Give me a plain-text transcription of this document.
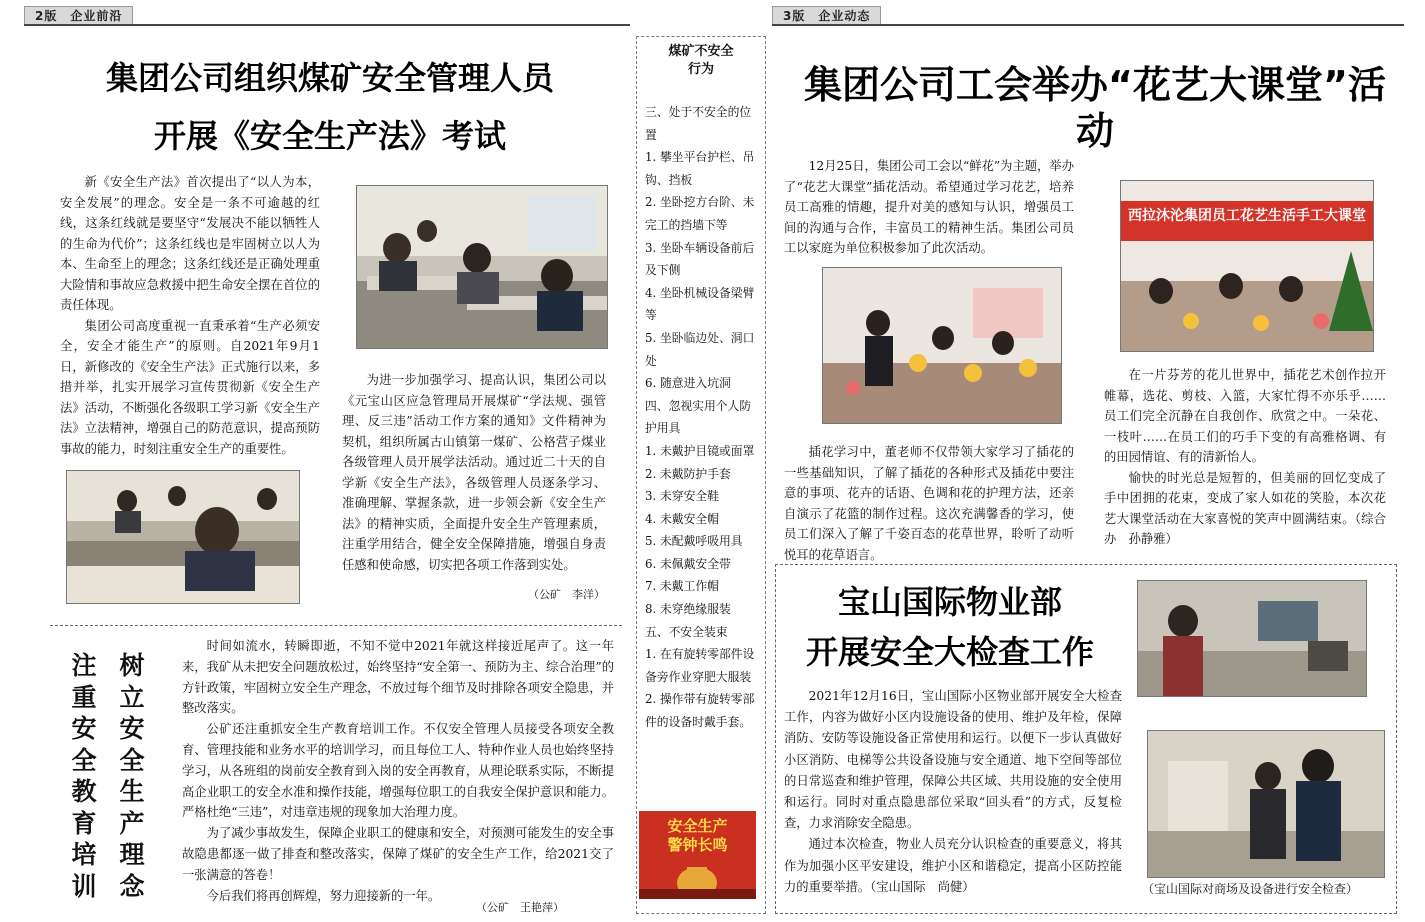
2版　企业前沿	3版　企业动态
集团公司组织煤矿安全管理人员
开展《安全生产法》考试

新《安全生产法》首次提出了“以人为本，安全发展”的理念。安全是一条不可逾越的红线，这条红线就是要坚守“发展决不能以牺牲人的生命为代价”；这条红线也是牢固树立以人为本、生命至上的理念；这条红线还是正确处理重大险情和事故应急救援中把生命安全摆在首位的责任体现。

集团公司高度重视一直秉承着“生产必须安全，安全才能生产”的原则。自2021年9月1日，新修改的《安全生产法》正式施行以来，多措并举，扎实开展学习宣传贯彻新《安全生产法》活动，不断强化各级职工学习新《安全生产法》立法精神，增强自己的防范意识，提高预防事故的能力，时刻注重安全生产的重要性。

为进一步加强学习、提高认识，集团公司以《元宝山区应急管理局开展煤矿“学法规、强管理、反三违”活动工作方案的通知》文件精神为契机，组织所属古山镇第一煤矿、公格营子煤业各级管理人员开展学法活动。通过近二十天的自学新《安全生产法》，各级管理人员逐条学习、准确理解、掌握条款，进一步领会新《安全生产法》的精神实质，全面提升安全生产管理素质，注重学用结合，健全安全保障措施，增强自身责任感和使命感，切实把各项工作落到实处。
（公矿　李洋）
树立安全生产理念
注重安全教育培训

时间如流水，转瞬即逝，不知不觉中2021年就这样接近尾声了。这一年来，我矿从未把安全问题放松过，始终坚持“安全第一、预防为主、综合治理”的方针政策，牢固树立安全生产理念，不放过每个细节及时排除各项安全隐患，并整改落实。

公矿还注重抓安全生产教育培训工作。不仅安全管理人员接受各项安全教育、管理技能和业务水平的培训学习，而且每位工人、特种作业人员也始终坚持学习，从各班组的岗前安全教育到入岗的安全再教育，从理论联系实际，不断提高企业职工的安全水准和操作技能，增强每位职工的自我安全保护意识和能力。严格杜绝“三违”，对违章违规的现象加大治理力度。

为了减少事故发生，保障企业职工的健康和安全，对预测可能发生的安全事故隐患都逐一做了排查和整改落实，保障了煤矿的安全生产工作，给2021交了一张满意的答卷！

今后我们将再创辉煌，努力迎接新的一年。

（公矿　王艳萍）
煤矿不安全
行为

三、处于不安全的位置

1. 攀坐平台护栏、吊钩、挡板

2. 坐卧挖方台阶、未完工的挡墙下等

3. 坐卧车辆设备前后及下侧

4. 坐卧机械设备梁臂等

5. 坐卧临边处、洞口处

6. 随意进入坑洞

四、忽视实用个人防护用具

1. 未戴护目镜或面罩

2. 未戴防护手套

3. 未穿安全鞋

4. 未戴安全帽

5. 未配戴呼吸用具

6. 未佩戴安全带

7. 未戴工作帽

8. 未穿绝缘服装

五、不安全装束

1. 在有旋转零部件设备旁作业穿肥大服装

2. 操作带有旋转零部件的设备时戴手套。

安全生产
警钟长鸣
集团公司工会举办“花艺大课堂”活动
12月25日，集团公司工会以“鲜花”为主题，举办了“花艺大课堂”插花活动。希望通过学习花艺，培养员工高雅的情趣，提升对美的感知与认识，增强员工间的沟通与合作，丰富员工的精神生活。集团公司员工以家庭为单位积极参加了此次活动。
西拉沐沦集团员工花艺生活手工大课堂
插花学习中，董老师不仅带领大家学习了插花的一些基础知识，了解了插花的各种形式及插花中要注意的事项、花卉的话语、色调和花的护理方法，还亲自演示了花篮的制作过程。这次充满馨香的学习，使员工们深入了解了千姿百态的花草世界，聆听了动听悦耳的花草语言。

在一片芬芳的花儿世界中，插花艺术创作拉开帷幕，选花、剪枝、入篮，大家忙得不亦乐乎……员工们完全沉静在自我创作、欣赏之中。一朵花、一枝叶……在员工们的巧手下变的有高雅格调、有的田园情谊、有的清新怡人。

愉快的时光总是短暂的，但美丽的回忆变成了手中团拥的花束，变成了家人如花的笑脸，本次花艺大课堂活动在大家喜悦的笑声中圆满结束。（综合办　孙静雅）

宝山国际物业部
开展安全大检查工作

2021年12月16日，宝山国际小区物业部开展安全大检查工作，内容为做好小区内设施设备的使用、维护及年检，保障消防、安防等设施设备正常使用和运行。以便下一步认真做好小区消防、电梯等公共设备设施与安全通道、地下空间等部位的日常巡查和维护管理，保障公共区域、共用设施的安全使用和运行。同时对重点隐患部位采取“回头看”的方式，反复检查，力求消除安全隐患。

通过本次检查，物业人员充分认识检查的重要意义，将其作为加强小区平安建设，维护小区和谐稳定，提高小区防控能力的重要举措。（宝山国际　尚健）	（宝山国际对商场及设备进行安全检查）
